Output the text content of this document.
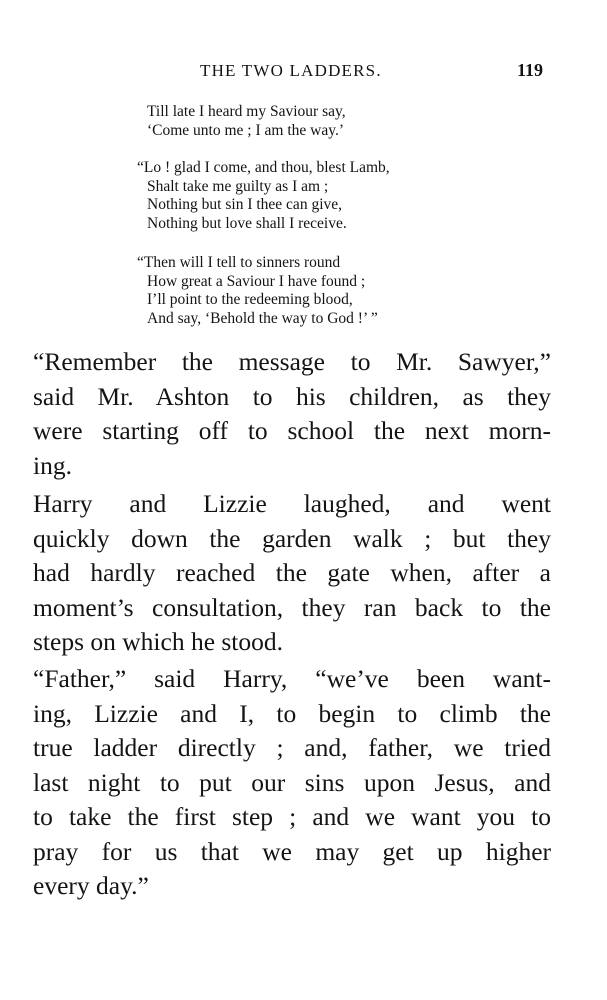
THE TWO LADDERS.	119
Till late I heard my Saviour say,
‘Come unto me ; I am the way.’
“Lo ! glad I come, and thou, blest Lamb,
Shalt take me guilty as I am ;
Nothing but sin I thee can give,
Nothing but love shall I receive.
“Then will I tell to sinners round
How great a Saviour I have found ;
I’ll point to the redeeming blood,
And say, ‘Behold the way to God !’ ”
“Remember the message to Mr. Sawyer,”
said Mr. Ashton to his children, as they
were starting off to school the next morn-
ing.
Harry and Lizzie laughed, and went
quickly down the garden walk ; but they
had hardly reached the gate when, after a
moment’s consultation, they ran back to the
steps on which he stood.
“Father,” said Harry, “we’ve been want-
ing, Lizzie and I, to begin to climb the
true ladder directly ; and, father, we tried
last night to put our sins upon Jesus, and
to take the first step ; and we want you to
pray for us that we may get up higher
every day.”
